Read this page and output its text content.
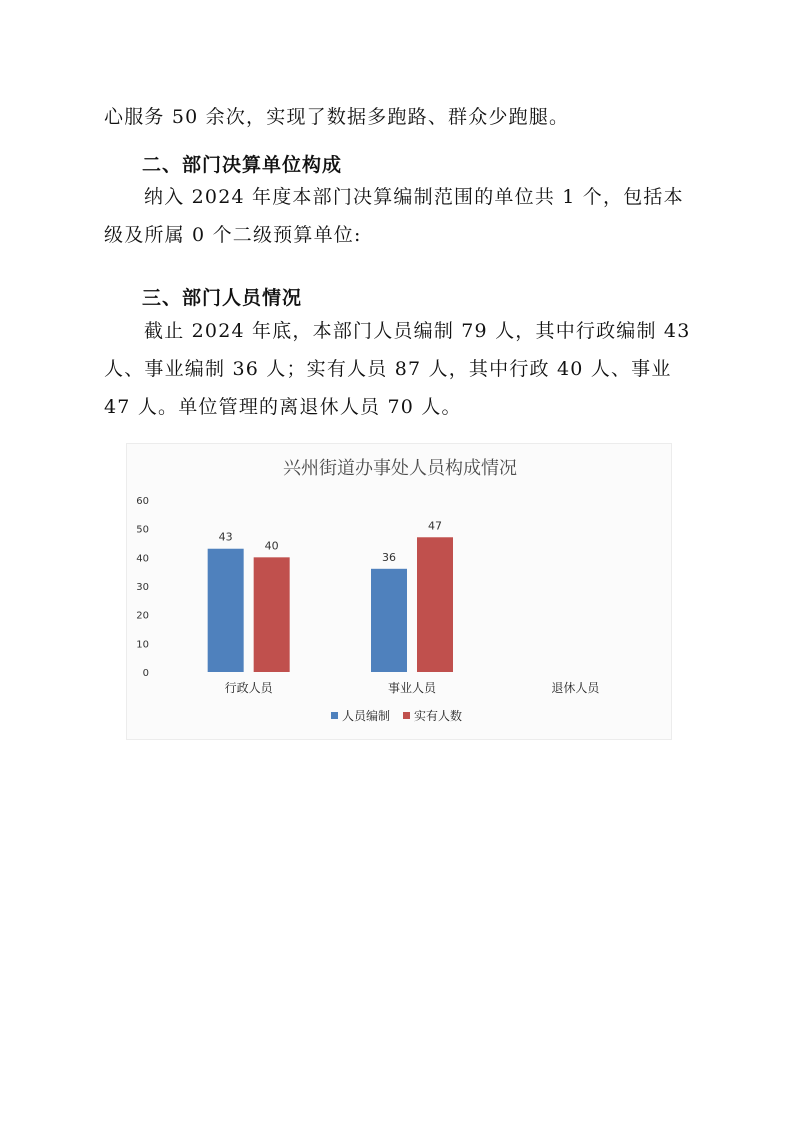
心服务 50 余次，实现了数据多跑路、群众少跑腿。

二、部门决算单位构成

纳入 2024 年度本部门决算编制范围的单位共 1 个，包括本级及所属 0 个二级预算单位:

三、部门人员情况

截止 2024 年底，本部门人员编制 79 人，其中行政编制 43 人、事业编制 36 人；实有人员 87 人，其中行政 40 人、事业 47 人。单位管理的离退休人员 70 人。

兴州街道办事处人员构成情况
0
10
20
30
40
50
60
43
40
行政人员
36
47
事业人员	退休人员
人员编制 实有人数
